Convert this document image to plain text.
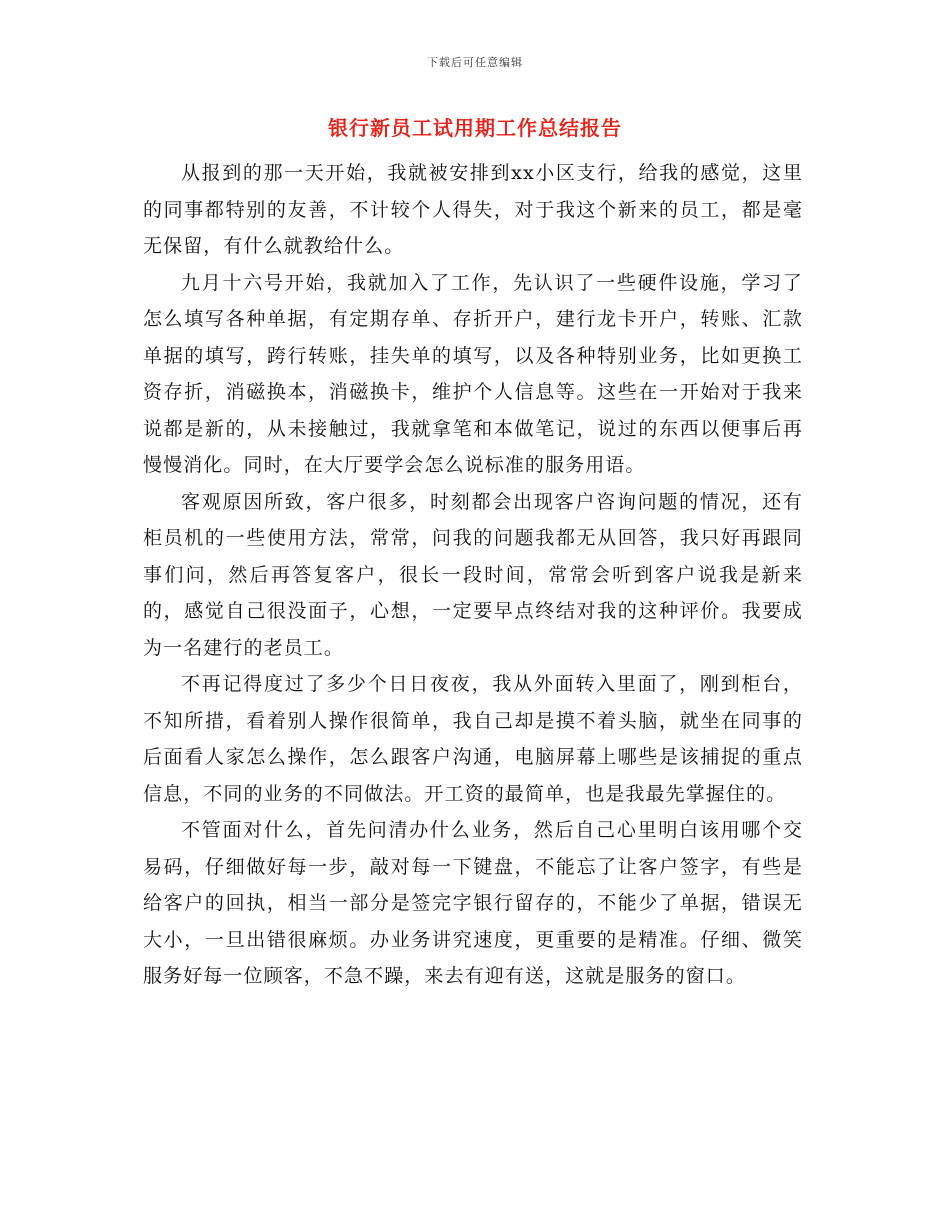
下载后可任意编辑
银行新员工试用期工作总结报告

从报到的那一天开始，我就被安排到xx小区支行，给我的感觉，这里的同事都特别的友善，不计较个人得失，对于我这个新来的员工，都是毫无保留，有什么就教给什么。

九月十六号开始，我就加入了工作，先认识了一些硬件设施，学习了怎么填写各种单据，有定期存单、存折开户，建行龙卡开户，转账、汇款单据的填写，跨行转账，挂失单的填写，以及各种特别业务，比如更换工资存折，消磁换本，消磁换卡，维护个人信息等。这些在一开始对于我来说都是新的，从未接触过，我就拿笔和本做笔记，说过的东西以便事后再慢慢消化。同时，在大厅要学会怎么说标准的服务用语。

客观原因所致，客户很多，时刻都会出现客户咨询问题的情况，还有柜员机的一些使用方法，常常，问我的问题我都无从回答，我只好再跟同事们问，然后再答复客户，很长一段时间，常常会听到客户说我是新来的，感觉自己很没面子，心想，一定要早点终结对我的这种评价。我要成为一名建行的老员工。

不再记得度过了多少个日日夜夜，我从外面转入里面了，刚到柜台，不知所措，看着别人操作很简单，我自己却是摸不着头脑，就坐在同事的后面看人家怎么操作，怎么跟客户沟通，电脑屏幕上哪些是该捕捉的重点信息，不同的业务的不同做法。开工资的最简单，也是我最先掌握住的。

不管面对什么，首先问清办什么业务，然后自己心里明白该用哪个交易码，仔细做好每一步，敲对每一下键盘，不能忘了让客户签字，有些是给客户的回执，相当一部分是签完字银行留存的，不能少了单据，错误无大小，一旦出错很麻烦。办业务讲究速度，更重要的是精准。仔细、微笑服务好每一位顾客，不急不躁，来去有迎有送，这就是服务的窗口。
